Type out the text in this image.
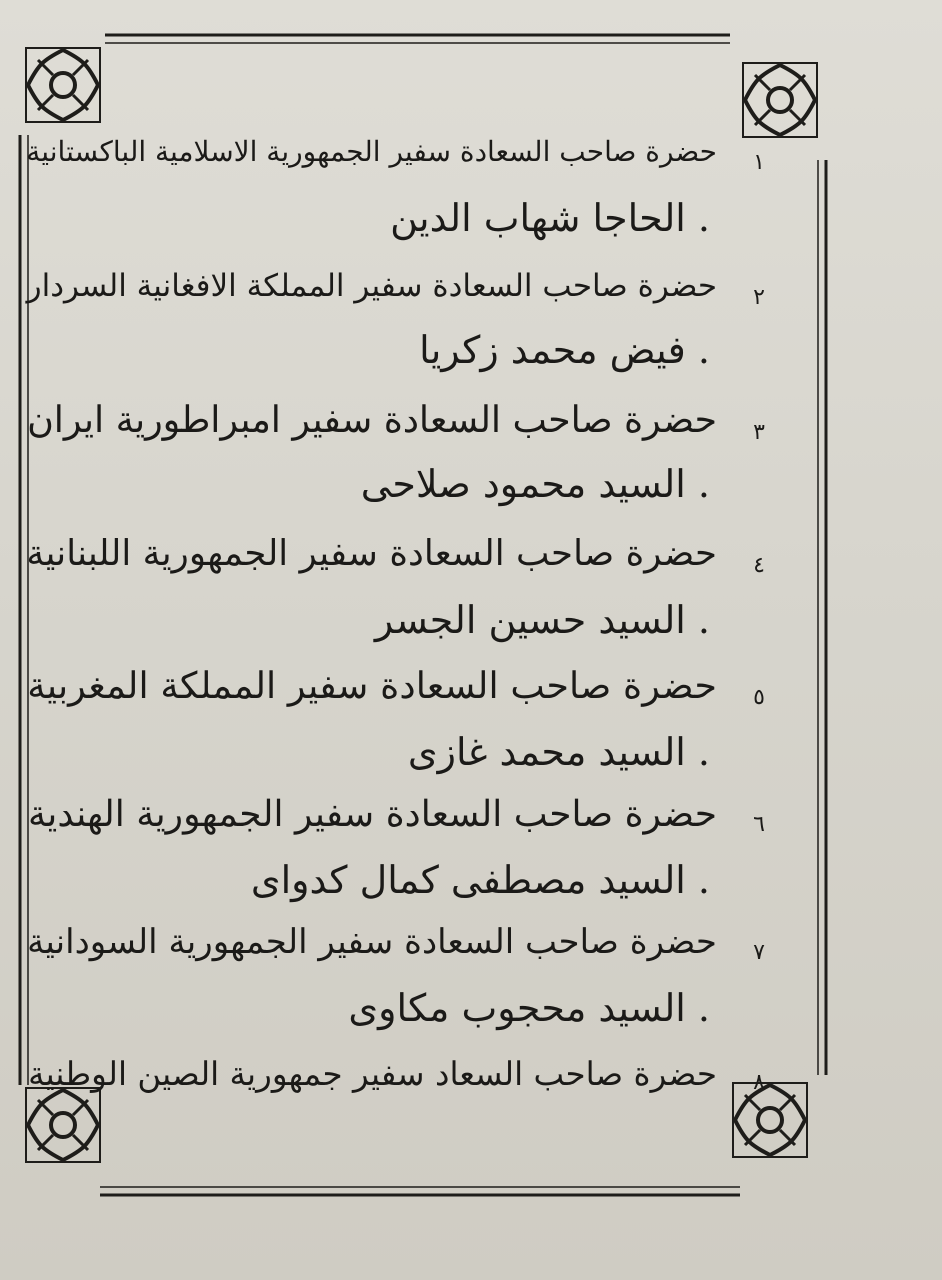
١
حضرة صاحب السعادة سفير الجمهورية الاسلامية الباكستانية
الحاجا شهاب الدين .
٢
حضرة صاحب السعادة سفير المملكة الافغانية السردار
فيض محمد زكريا .
٣
حضرة صاحب السعادة سفير امبراطورية ايران
السيد محمود صلاحى .
٤
حضرة صاحب السعادة سفير الجمهورية اللبنانية
السيد حسين الجسر .
٥
حضرة صاحب السعادة سفير المملكة المغربية
السيد محمد غازى .
٦
حضرة صاحب السعادة سفير الجمهورية الهندية
السيد مصطفى كمال كدواى .
٧
حضرة صاحب السعادة سفير الجمهورية السودانية
السيد محجوب مكاوى .
٨
حضرة صاحب السعاد سفير جمهورية الصين الوطنية
